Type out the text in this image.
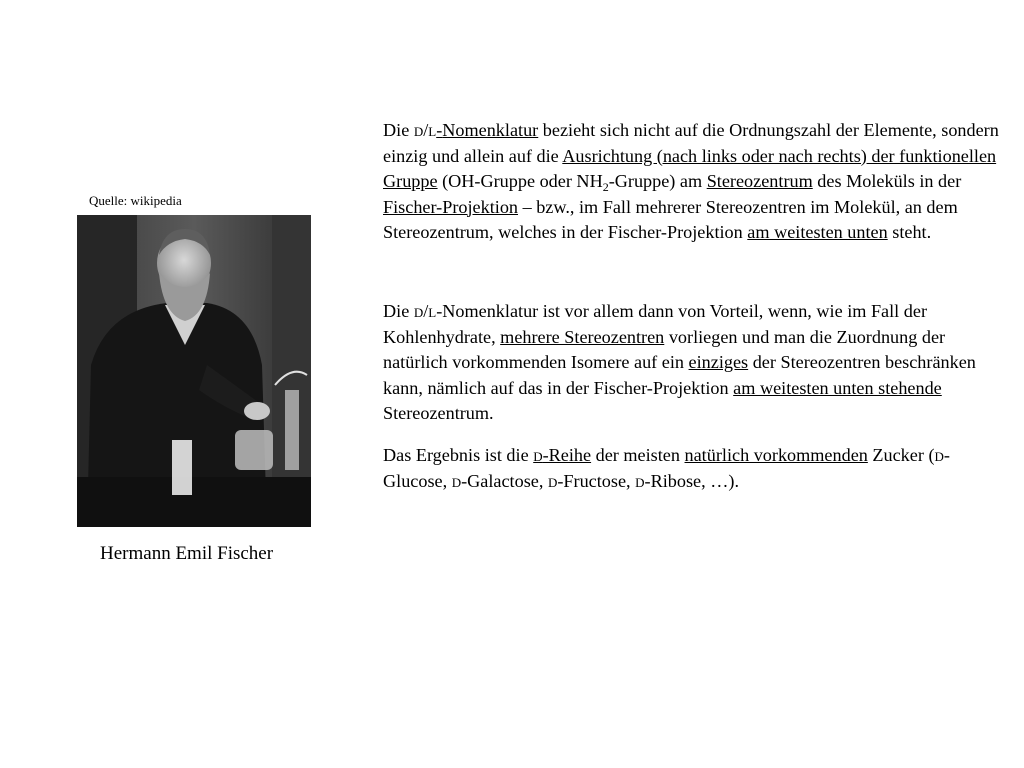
Quelle: wikipedia
Hermann Emil Fischer

Die d/l-Nomenklatur bezieht sich nicht auf die Ordnungszahl der Elemente, sondern einzig und allein auf die Ausrichtung (nach links oder nach rechts) der funktionellen Gruppe (OH-Gruppe oder $NH_2-Gruppe$) am Stereozentrum des Moleküls in der Fischer-Projektion – bzw., im Fall mehrerer Stereozentren im Molekül, an dem Stereozentrum, welches in der Fischer-Projektion am weitesten unten steht.

Die d/l-Nomenklatur ist vor allem dann von Vorteil, wenn, wie im Fall der Kohlenhydrate, mehrere Stereozentren vorliegen und man die Zuordnung der natürlich vorkommenden Isomere auf ein einziges der Stereozentren beschränken kann, nämlich auf das in der Fischer-Projektion am weitesten unten stehende Stereozentrum.

Das Ergebnis ist die d-Reihe der meisten natürlich vorkommenden Zucker (d-Glucose, d-Galactose, d-Fructose, d-Ribose, …).
